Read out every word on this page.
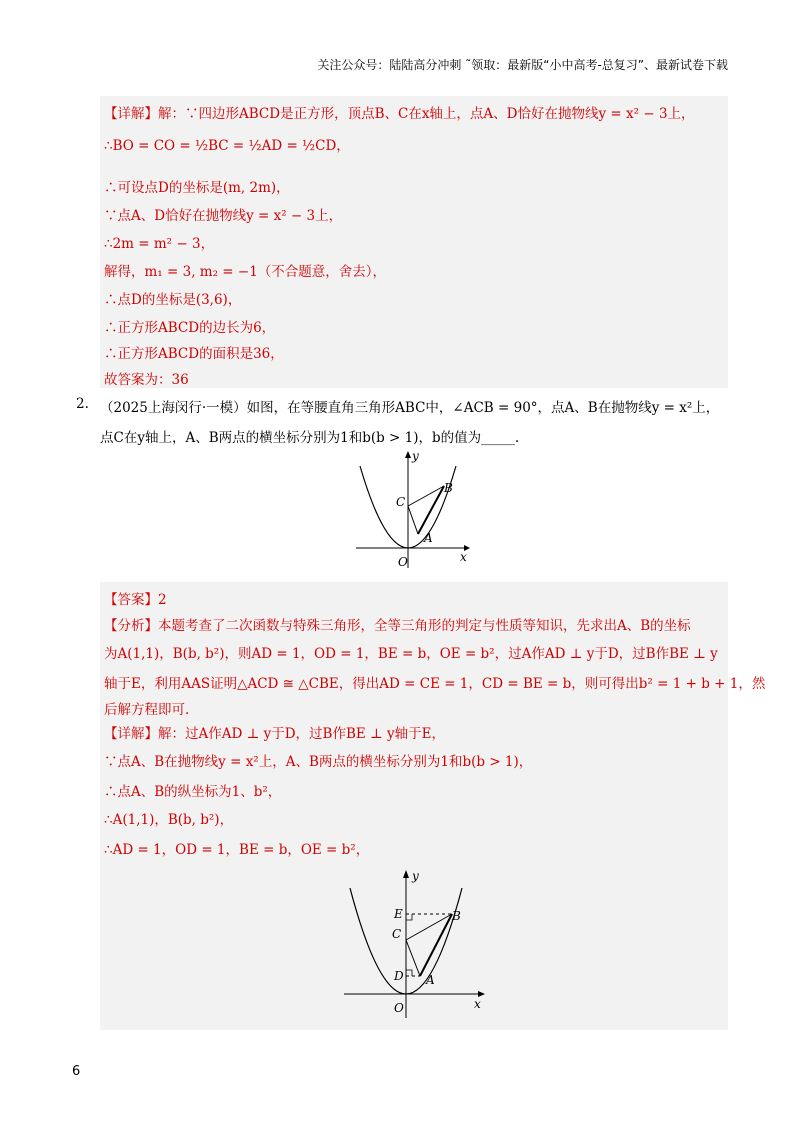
关注公众号：陆陆高分冲刺 ˜领取：最新版“小中高考-总复习”、最新试卷下载
【详解】解：∵四边形ABCD是正方形，顶点B、C在x轴上，点A、D恰好在抛物线y = x² − 3上，
∴BO = CO = ½BC = ½AD = ½CD，
∴可设点D的坐标是(m, 2m)，
∵点A、D恰好在抛物线y = x² − 3上，
∴2m = m² − 3，
解得，m₁ = 3, m₂ = −1（不合题意，舍去），
∴点D的坐标是(3,6)，
∴正方形ABCD的边长为6，
∴正方形ABCD的面积是36，
故答案为：36
2. （2025上海闵行·一模）如图，在等腰直角三角形ABC中，∠ACB = 90°，点A、B在抛物线y = x²上，
点C在y轴上，A、B两点的横坐标分别为1和b(b > 1)，b的值为_____.
O	x
y
A
B
C
【答案】2
【分析】本题考查了二次函数与特殊三角形，全等三角形的判定与性质等知识，先求出A、B的坐标
为A(1,1)，B(b, b²)，则AD = 1，OD = 1，BE = b，OE = b²，过A作AD ⊥ y于D，过B作BE ⊥ y
轴于E，利用AAS证明△ACD ≅ △CBE，得出AD = CE = 1，CD = BE = b，则可得出b² = 1 + b + 1，然
后解方程即可.
【详解】解：过A作AD ⊥ y于D，过B作BE ⊥ y轴于E，
∵点A、B在抛物线y = x²上，A、B两点的横坐标分别为1和b(b > 1)，
∴点A、B的纵坐标为1、b²，
∴A(1,1)，B(b, b²)，
∴AD = 1，OD = 1，BE = b，OE = b²，
O	x
y
A
B
C
D
E
6
